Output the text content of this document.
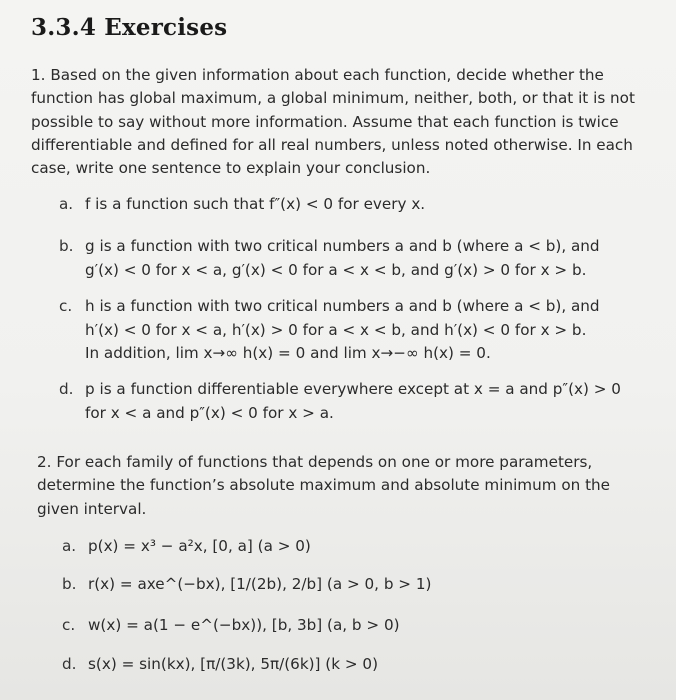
3.3.4 Exercises
1. Based on the given information about each function, decide whether the
function has global maximum, a global minimum, neither, both, or that it is not
possible to say without more information. Assume that each function is twice
differentiable and defined for all real numbers, unless noted otherwise. In each
case, write one sentence to explain your conclusion.
a. f is a function such that f″(x) < 0 for every x.
b. g is a function with two critical numbers a and b (where a < b), and
g′(x) < 0 for x < a, g′(x) < 0 for a < x < b, and g′(x) > 0 for x > b.
c. h is a function with two critical numbers a and b (where a < b), and
h′(x) < 0 for x < a, h′(x) > 0 for a < x < b, and h′(x) < 0 for x > b.
In addition, lim x→∞ h(x) = 0 and lim x→−∞ h(x) = 0.
d. p is a function differentiable everywhere except at x = a and p″(x) > 0
for x < a and p″(x) < 0 for x > a.
2. For each family of functions that depends on one or more parameters,
determine the function’s absolute maximum and absolute minimum on the
given interval.
a. p(x) = x³ − a²x, [0, a] (a > 0)
b. r(x) = axe^(−bx), [1/(2b), 2/b] (a > 0, b > 1)
c. w(x) = a(1 − e^(−bx)), [b, 3b] (a, b > 0)
d. s(x) = sin(kx), [π/(3k), 5π/(6k)] (k > 0)
